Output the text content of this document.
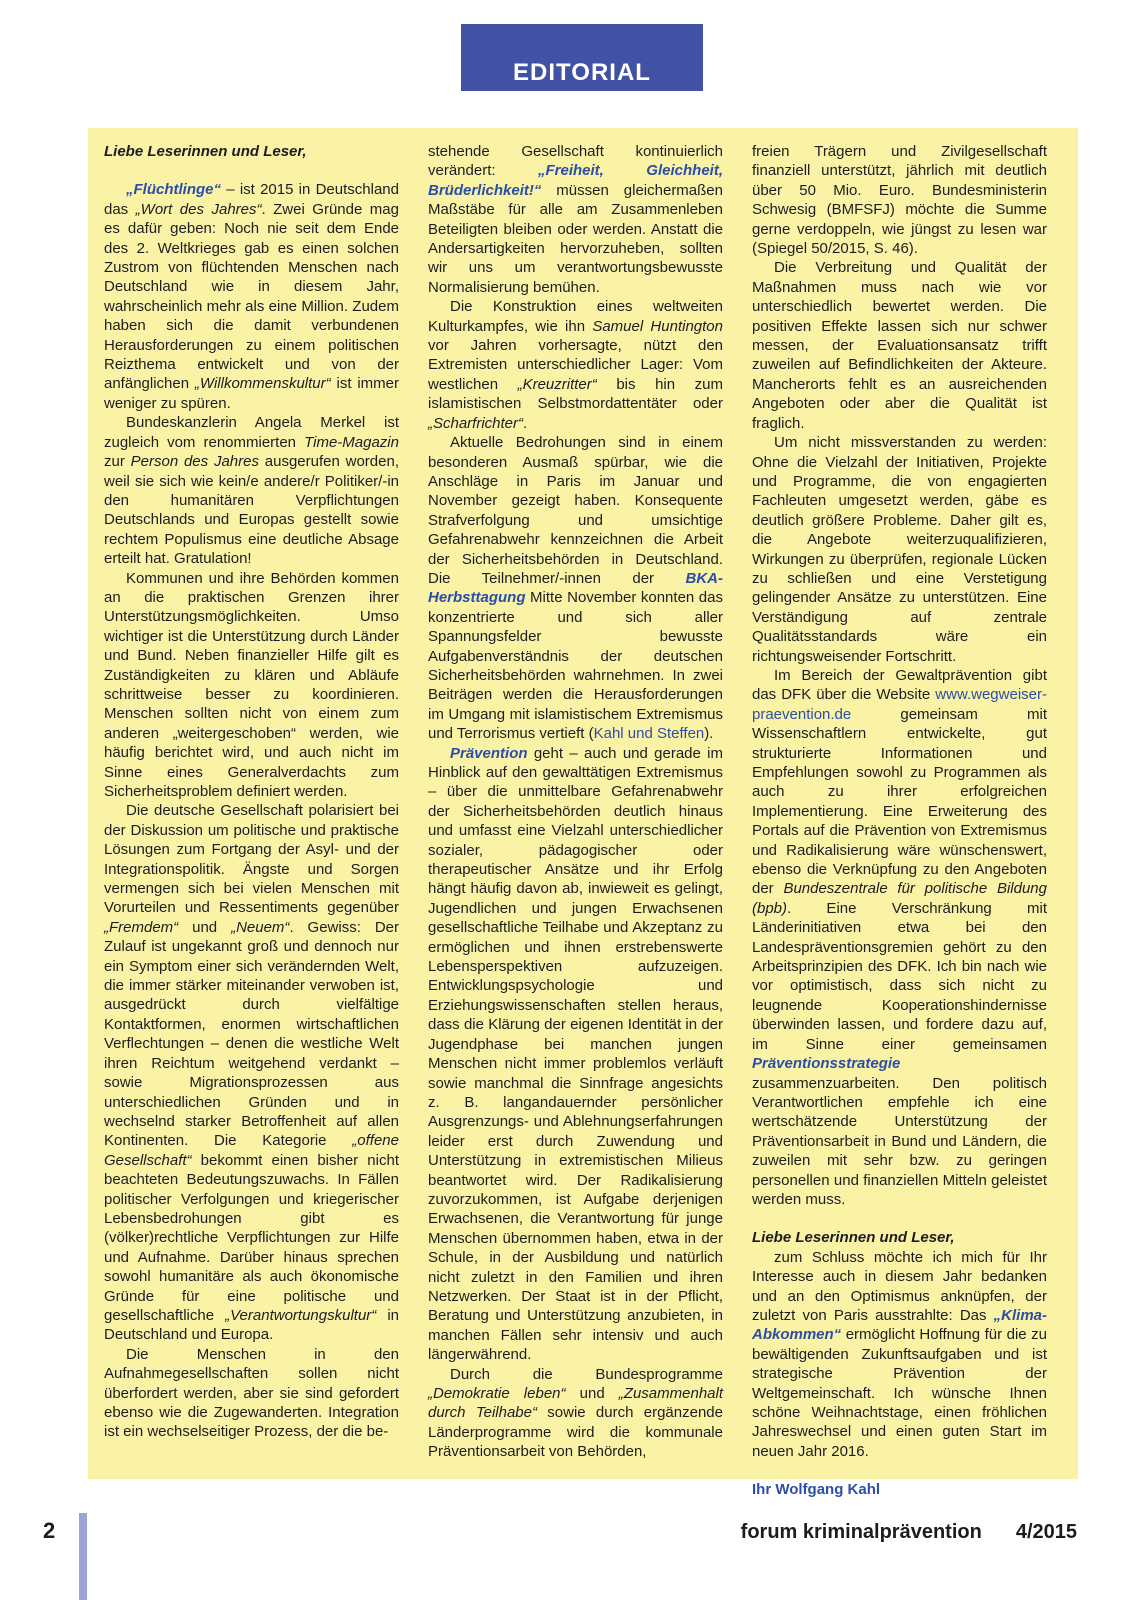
EDITORIAL

Liebe Leserinnen und Leser,

„Flüchtlinge“ – ist 2015 in Deutschland das „Wort des Jahres“. Zwei Gründe mag es dafür geben: Noch nie seit dem Ende des 2. Weltkrieges gab es einen solchen Zustrom von flüchtenden Menschen nach Deutschland wie in diesem Jahr, wahrscheinlich mehr als eine Million. Zudem haben sich die damit verbundenen Herausforderungen zu einem politischen Reizthema entwickelt und von der anfänglichen „Willkommenskultur“ ist immer weniger zu spüren.

Bundeskanzlerin Angela Merkel ist zugleich vom renommierten Time-Magazin zur Person des Jahres ausgerufen worden, weil sie sich wie kein/e andere/r Politiker/-in den humanitären Verpflichtungen Deutschlands und Europas gestellt sowie rechtem Populismus eine deutliche Absage erteilt hat. Gratulation!

Kommunen und ihre Behörden kommen an die praktischen Grenzen ihrer Unterstützungsmöglichkeiten. Umso wichtiger ist die Unterstützung durch Länder und Bund. Neben finanzieller Hilfe gilt es Zuständigkeiten zu klären und Abläufe schrittweise besser zu koordinieren. Menschen sollten nicht von einem zum anderen „weitergeschoben“ werden, wie häufig berichtet wird, und auch nicht im Sinne eines Generalverdachts zum Sicherheitsproblem definiert werden.

Die deutsche Gesellschaft polarisiert bei der Diskussion um politische und praktische Lösungen zum Fortgang der Asyl- und der Integrationspolitik. Ängste und Sorgen vermengen sich bei vielen Menschen mit Vorurteilen und Ressentiments gegenüber „Fremdem“ und „Neuem“. Gewiss: Der Zulauf ist ungekannt groß und dennoch nur ein Symptom einer sich verändernden Welt, die immer stärker miteinander verwoben ist, ausgedrückt durch vielfältige Kontaktformen, enormen wirtschaftlichen Verflechtungen – denen die westliche Welt ihren Reichtum weitgehend verdankt – sowie Migrationsprozessen aus unterschiedlichen Gründen und in wechselnd starker Betroffenheit auf allen Kontinenten. Die Kategorie „offene Gesellschaft“ bekommt einen bisher nicht beachteten Bedeutungszuwachs. In Fällen politischer Verfolgungen und kriegerischer Lebensbedrohungen gibt es (völker)rechtliche Verpflichtungen zur Hilfe und Aufnahme. Darüber hinaus sprechen sowohl humanitäre als auch ökonomische Gründe für eine politische und gesellschaftliche „Verantwortungskultur“ in Deutschland und Europa.

Die Menschen in den Aufnahmegesellschaften sollen nicht überfordert werden, aber sie sind gefordert ebenso wie die Zugewanderten. Integration ist ein wechselseitiger Prozess, der die be-

stehende Gesellschaft kontinuierlich verändert: „Freiheit, Gleichheit, Brüderlichkeit!“ müssen gleichermaßen Maßstäbe für alle am Zusammenleben Beteiligten bleiben oder werden. Anstatt die Andersartigkeiten hervorzuheben, sollten wir uns um verantwortungsbewusste Normalisierung bemühen.

Die Konstruktion eines weltweiten Kulturkampfes, wie ihn Samuel Huntington vor Jahren vorhersagte, nützt den Extremisten unterschiedlicher Lager: Vom westlichen „Kreuzritter“ bis hin zum islamistischen Selbstmordattentäter oder „Scharfrichter“.

Aktuelle Bedrohungen sind in einem besonderen Ausmaß spürbar, wie die Anschläge in Paris im Januar und November gezeigt haben. Konsequente Strafverfolgung und umsichtige Gefahrenabwehr kennzeichnen die Arbeit der Sicherheitsbehörden in Deutschland. Die Teilnehmer/-innen der BKA-Herbsttagung Mitte November konnten das konzentrierte und sich aller Spannungsfelder bewusste Aufgabenverständnis der deutschen Sicherheitsbehörden wahrnehmen. In zwei Beiträgen werden die Herausforderungen im Umgang mit islamistischem Extremismus und Terrorismus vertieft (Kahl und Steffen).

Prävention geht – auch und gerade im Hinblick auf den gewalttätigen Extremismus – über die unmittelbare Gefahrenabwehr der Sicherheitsbehörden deutlich hinaus und umfasst eine Vielzahl unterschiedlicher sozialer, pädagogischer oder therapeutischer Ansätze und ihr Erfolg hängt häufig davon ab, inwieweit es gelingt, Jugendlichen und jungen Erwachsenen gesellschaftliche Teilhabe und Akzeptanz zu ermöglichen und ihnen erstrebenswerte Lebensperspektiven aufzuzeigen. Entwicklungspsychologie und Erziehungswissenschaften stellen heraus, dass die Klärung der eigenen Identität in der Jugendphase bei manchen jungen Menschen nicht immer problemlos verläuft sowie manchmal die Sinnfrage angesichts z. B. langandauernder persönlicher Ausgrenzungs- und Ablehnungserfahrungen leider erst durch Zuwendung und Unterstützung in extremistischen Milieus beantwortet wird. Der Radikalisierung zuvorzukommen, ist Aufgabe derjenigen Erwachsenen, die Verantwortung für junge Menschen übernommen haben, etwa in der Schule, in der Ausbildung und natürlich nicht zuletzt in den Familien und ihren Netzwerken. Der Staat ist in der Pflicht, Beratung und Unterstützung anzubieten, in manchen Fällen sehr intensiv und auch längerwährend.

Durch die Bundesprogramme „Demokratie leben“ und „Zusammenhalt durch Teilhabe“ sowie durch ergänzende Länderprogramme wird die kommunale Präventionsarbeit von Behörden,

freien Trägern und Zivilgesellschaft finanziell unterstützt, jährlich mit deutlich über 50 Mio. Euro. Bundesministerin Schwesig (BMFSFJ) möchte die Summe gerne verdoppeln, wie jüngst zu lesen war (Spiegel 50/2015, S. 46).

Die Verbreitung und Qualität der Maßnahmen muss nach wie vor unterschiedlich bewertet werden. Die positiven Effekte lassen sich nur schwer messen, der Evaluationsansatz trifft zuweilen auf Befindlichkeiten der Akteure. Mancherorts fehlt es an ausreichenden Angeboten oder aber die Qualität ist fraglich.

Um nicht missverstanden zu werden: Ohne die Vielzahl der Initiativen, Projekte und Programme, die von engagierten Fachleuten umgesetzt werden, gäbe es deutlich größere Probleme. Daher gilt es, die Angebote weiterzuqualifizieren, Wirkungen zu überprüfen, regionale Lücken zu schließen und eine Verstetigung gelingender Ansätze zu unterstützen. Eine Verständigung auf zentrale Qualitätsstandards wäre ein richtungsweisender Fortschritt.

Im Bereich der Gewaltprävention gibt das DFK über die Website www.wegweiser-praevention.de gemeinsam mit Wissenschaftlern entwickelte, gut strukturierte Informationen und Empfehlungen sowohl zu Programmen als auch zu ihrer erfolgreichen Implementierung. Eine Erweiterung des Portals auf die Prävention von Extremismus und Radikalisierung wäre wünschenswert, ebenso die Verknüpfung zu den Angeboten der Bundeszentrale für politische Bildung (bpb). Eine Verschränkung mit Länderinitiativen etwa bei den Landespräventionsgremien gehört zu den Arbeitsprinzipien des DFK. Ich bin nach wie vor optimistisch, dass sich nicht zu leugnende Kooperationshindernisse überwinden lassen, und fordere dazu auf, im Sinne einer gemeinsamen Präventionsstrategie zusammenzuarbeiten. Den politisch Verantwortlichen empfehle ich eine wertschätzende Unterstützung der Präventionsarbeit in Bund und Ländern, die zuweilen mit sehr bzw. zu geringen personellen und finanziellen Mitteln geleistet werden muss.

Liebe Leserinnen und Leser,

zum Schluss möchte ich mich für Ihr Interesse auch in diesem Jahr bedanken und an den Optimismus anknüpfen, der zuletzt von Paris ausstrahlte: Das „Klima-Abkommen“ ermöglicht Hoffnung für die zu bewältigenden Zukunftsaufgaben und ist strategische Prävention der Weltgemeinschaft. Ich wünsche Ihnen schöne Weihnachtstage, einen fröhlichen Jahreswechsel und einen guten Start im neuen Jahr 2016.

Ihr Wolfgang Kahl

2	forum kriminalprävention 4/2015
